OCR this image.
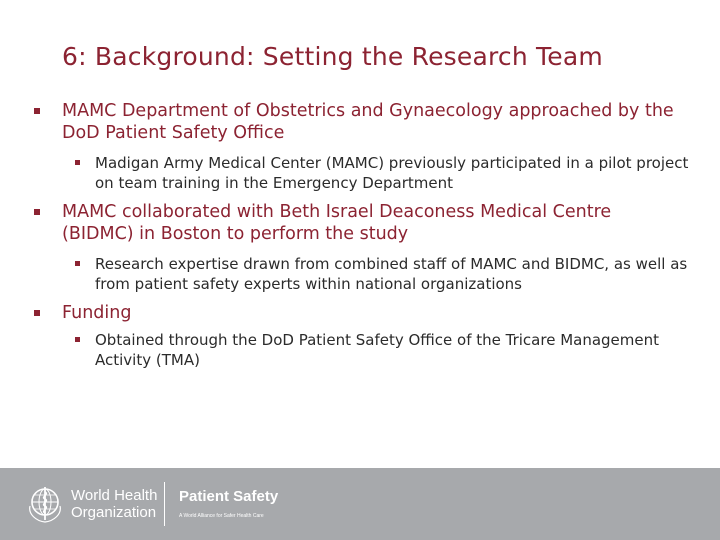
6: Background: Setting the Research Team
MAMC Department of Obstetrics and Gynaecology approached by the DoD Patient Safety Office
Madigan Army Medical Center (MAMC) previously participated in a pilot project on team training in the Emergency Department
MAMC collaborated with Beth Israel Deaconess Medical Centre (BIDMC) in Boston to perform the study
Research expertise drawn from combined staff of MAMC and BIDMC, as well as from patient safety experts within national organizations
Funding
Obtained through the DoD Patient Safety Office of the Tricare Management Activity (TMA)
World Health
Organization
Patient Safety
A World Alliance for Safer Health Care
